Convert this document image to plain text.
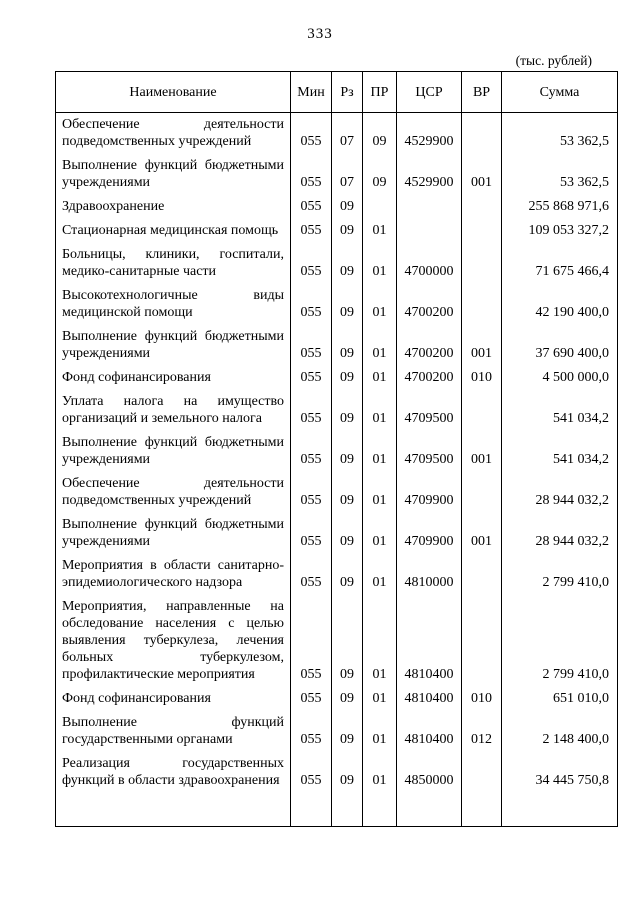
333
(тыс. рублей)
Наименование	Мин	Рз	ПР	ЦСР	ВР	Сумма
Обеспечение деятельности подведомственных учреждений	055	07	09	4529900		53 362,5
Выполнение функций бюджетными учреждениями	055	07	09	4529900	001	53 362,5
Здравоохранение	055	09				255 868 971,6
Стационарная медицинская помощь	055	09	01			109 053 327,2
Больницы, клиники, госпитали, медико-санитарные части	055	09	01	4700000		71 675 466,4
Высокотехнологичные виды медицинской помощи	055	09	01	4700200		42 190 400,0
Выполнение функций бюджетными учреждениями	055	09	01	4700200	001	37 690 400,0
Фонд софинансирования	055	09	01	4700200	010	4 500 000,0
Уплата налога на имущество организаций и земельного налога	055	09	01	4709500		541 034,2
Выполнение функций бюджетными учреждениями	055	09	01	4709500	001	541 034,2
Обеспечение деятельности подведомственных учреждений	055	09	01	4709900		28 944 032,2
Выполнение функций бюджетными учреждениями	055	09	01	4709900	001	28 944 032,2
Мероприятия в области санитарно-эпидемиологического надзора	055	09	01	4810000		2 799 410,0
Мероприятия, направленные на обследование населения с целью выявления туберкулеза, лечения больных туберкулезом, профилактические мероприятия	055	09	01	4810400		2 799 410,0
Фонд софинансирования	055	09	01	4810400	010	651 010,0
Выполнение функций государственными органами	055	09	01	4810400	012	2 148 400,0
Реализация государственных функций в области здравоохранения	055	09	01	4850000		34 445 750,8
